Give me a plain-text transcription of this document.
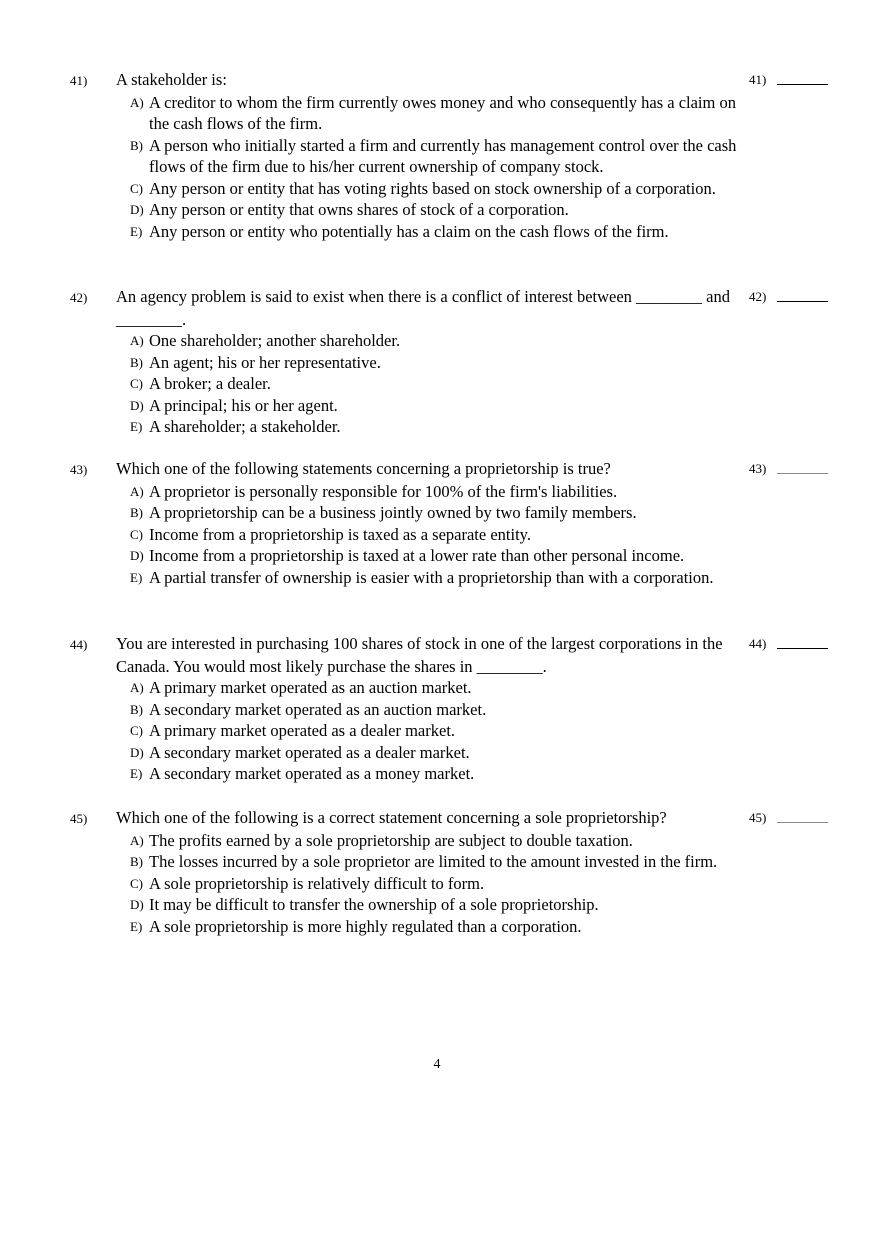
41) A stakeholder is:	41)
A) A creditor to whom the firm currently owes money and who consequently has a claim on the cash flows of the firm.
B) A person who initially started a firm and currently has management control over the cash flows of the firm due to his/her current ownership of company stock.
C) Any person or entity that has voting rights based on stock ownership of a corporation.
D) Any person or entity that owns shares of stock of a corporation.
E) Any person or entity who potentially has a claim on the cash flows of the firm.
42) An agency problem is said to exist when there is a conflict of interest between ________ and ________.
42)
A) One shareholder; another shareholder.
B) An agent; his or her representative.
C) A broker; a dealer.
D) A principal; his or her agent.
E) A shareholder; a stakeholder.
43) Which one of the following statements concerning a proprietorship is true?	43)
A) A proprietor is personally responsible for 100% of the firm's liabilities.
B) A proprietorship can be a business jointly owned by two family members.
C) Income from a proprietorship is taxed as a separate entity.
D) Income from a proprietorship is taxed at a lower rate than other personal income.
E) A partial transfer of ownership is easier with a proprietorship than with a corporation.
44) You are interested in purchasing 100 shares of stock in one of the largest corporations in the Canada. You would most likely purchase the shares in ________.
44)
A) A primary market operated as an auction market.
B) A secondary market operated as an auction market.
C) A primary market operated as a dealer market.
D) A secondary market operated as a dealer market.
E) A secondary market operated as a money market.
45) Which one of the following is a correct statement concerning a sole proprietorship?	45)
A) The profits earned by a sole proprietorship are subject to double taxation.
B) The losses incurred by a sole proprietor are limited to the amount invested in the firm.
C) A sole proprietorship is relatively difficult to form.
D) It may be difficult to transfer the ownership of a sole proprietorship.
E) A sole proprietorship is more highly regulated than a corporation.
4
